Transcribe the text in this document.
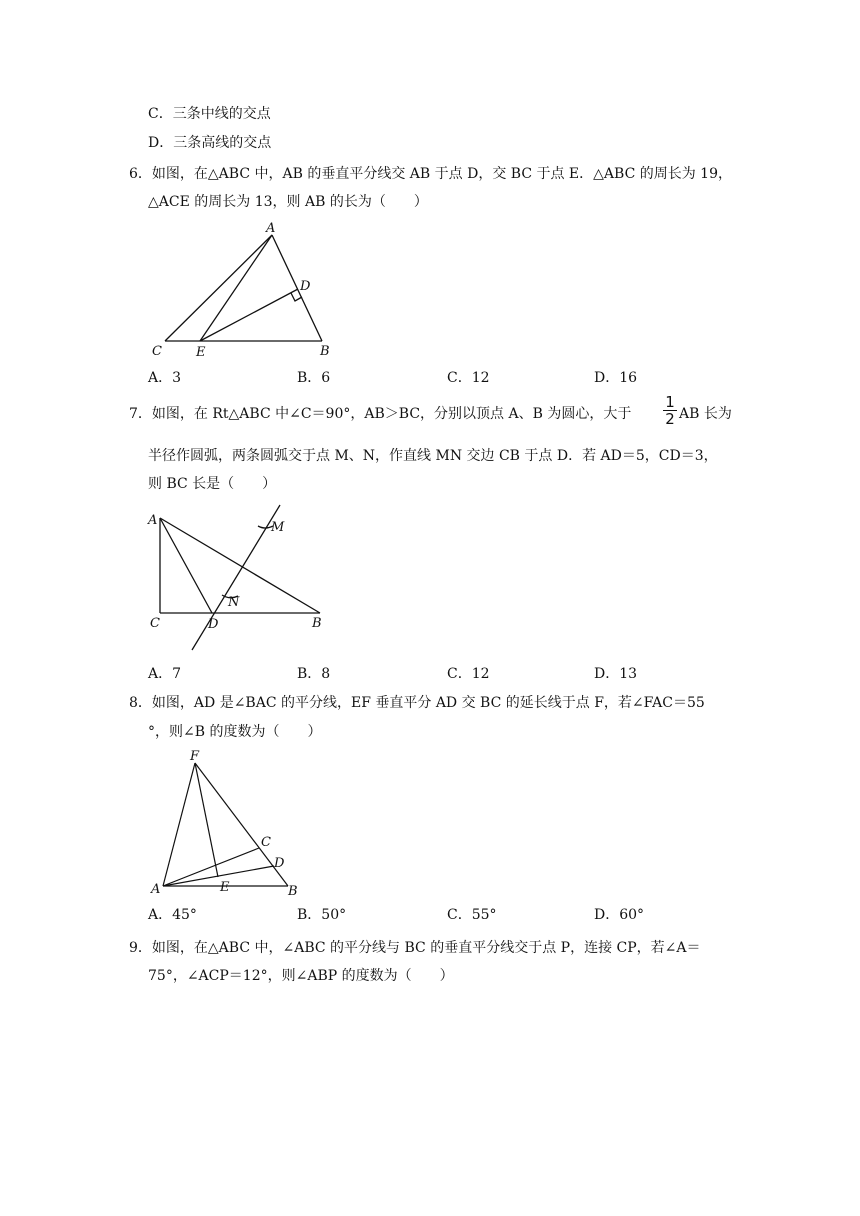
C．三条中线的交点
D．三条高线的交点
6．如图，在△ABC 中，AB 的垂直平分线交 AB 于点 D，交 BC 于点 E．△ABC 的周长为 19，
△ACE 的周长为 13，则 AB 的长为（　　）
A
D
C	E	B
A．3	B．6	C．12	D．16
7．如图，在 Rt△ABC 中∠C＝90°，AB＞BC，分别以顶点 A、B 为圆心，大于
1
2 AB 长为
半径作圆弧，两条圆弧交于点 M、N，作直线 MN 交边 CB 于点 D．若 AD＝5，CD＝3，
则 BC 长是（　　）
A	M
N
C	D	B
A．7	B．8	C．12	D．13
8．如图，AD 是∠BAC 的平分线，EF 垂直平分 AD 交 BC 的延长线于点 F，若∠FAC＝55
°，则∠B 的度数为（　　）
F
C
D
A	E	B
A．45°	B．50°	C．55°	D．60°
9．如图，在△ABC 中，∠ABC 的平分线与 BC 的垂直平分线交于点 P，连接 CP，若∠A＝
75°，∠ACP＝12°，则∠ABP 的度数为（　　）
